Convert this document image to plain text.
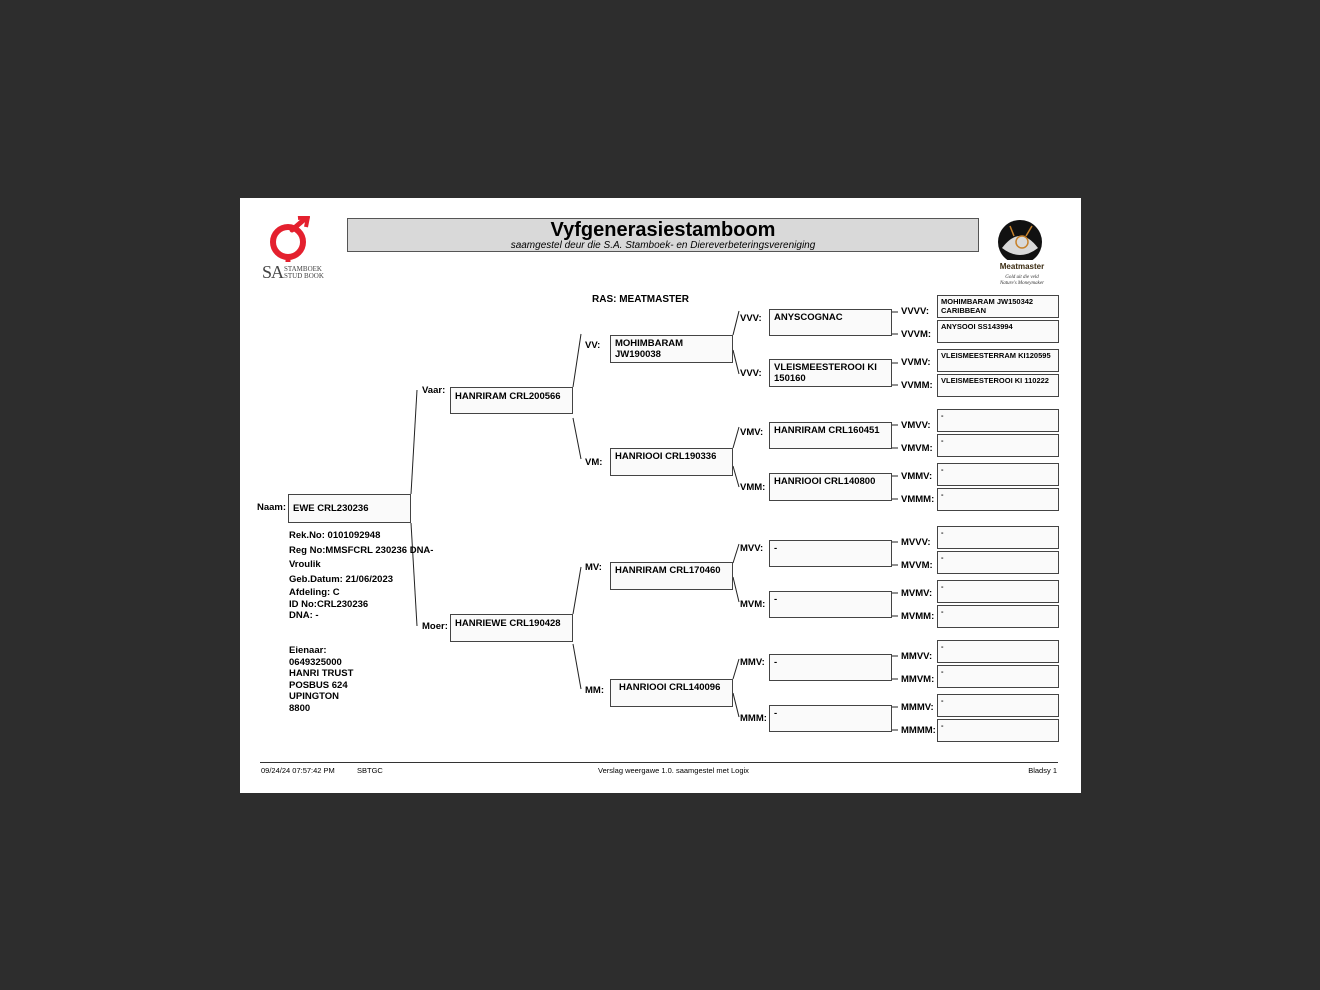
SA STAMBOEK
STUD BOOK
Vyfgenerasiestamboom
saamgestel deur die S.A. Stamboek- en Diereverbeteringsvereniging
Meatmaster
Gold uit die veld
Nature's Moneymaker
RAS: MEATMASTER
Naam: EWE CRL230236
Rek.No: 0101092948
Reg No:MMSFCRL 230236 DNA-
Vroulik
Geb.Datum: 21/06/2023
Afdeling: C
ID No:CRL230236
DNA: -
Eienaar:
0649325000
HANRI TRUST
POSBUS 624
UPINGTON
8800
Vaar:
HANRIRAM CRL200566
Moer: HANRIEWE CRL190428
VV:	MOHIMBARAM JW190038
VM:
HANRIOOI CRL190336
MV:	HANRIRAM CRL170460
MM:	HANRIOOI CRL140096
VVV:	ANYSCOGNAC
VVV:
VLEISMEESTEROOI KI 150160
VMV:	HANRIRAM CRL160451
VMM:
HANRIOOI CRL140800
MVV:	-
MVM: -
MMV: -
MMM: -
VVVV:
MOHIMBARAM JW150342 CARIBBEAN
VVVM:
ANYSOOI SS143994
VVMV:
VLEISMEESTERRAM KI120595
VVMM:	VLEISMEESTEROOI KI 110222
VMVV:
-
VMVM:
-
VMMV:
-
VMMM: -
MVVV:
-
MVVM:
-
MVMV:
-
MVMM: -
MMVV:
-
MMVM:
-
MMMV:
-
MMMM: -
09/24/24 07:57:42 PM	SBTGC	Verslag weergawe 1.0. saamgestel met Logix	Bladsy 1
